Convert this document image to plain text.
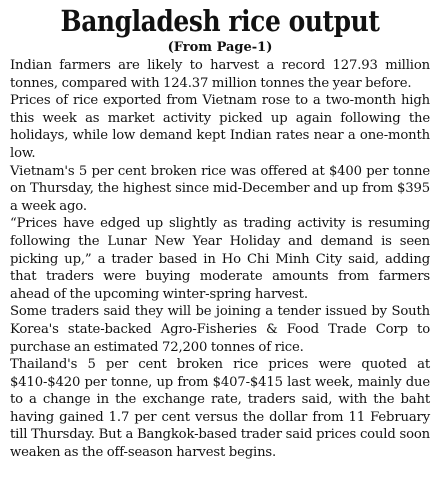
Bangladesh rice output
(From Page-1)

Indian farmers are likely to harvest a record 127.93 million tonnes, compared with 124.37 million tonnes the year before.

Prices of rice exported from Vietnam rose to a two-month high this week as market activity picked up again following the holidays, while low demand kept Indian rates near a one-month low.

Vietnam's 5 per cent broken rice was offered at $400 per tonne on Thursday, the highest since mid-December and up from $395 a week ago.

“Prices have edged up slightly as trading activity is resuming following the Lunar New Year Holiday and demand is seen picking up,” a trader based in Ho Chi Minh City said, adding that traders were buying moderate amounts from farmers ahead of the upcoming winter-spring harvest.

Some traders said they will be joining a tender issued by South Korea's state-backed Agro-Fisheries & Food Trade Corp to purchase an estimated 72,200 tonnes of rice.

Thailand's 5 per cent broken rice prices were quoted at $410-$420 per tonne, up from $407-$415 last week, mainly due to a change in the exchange rate, traders said, with the baht having gained 1.7 per cent versus the dollar from 11 February till Thursday. But a Bangkok-based trader said prices could soon weaken as the off-season harvest begins.
